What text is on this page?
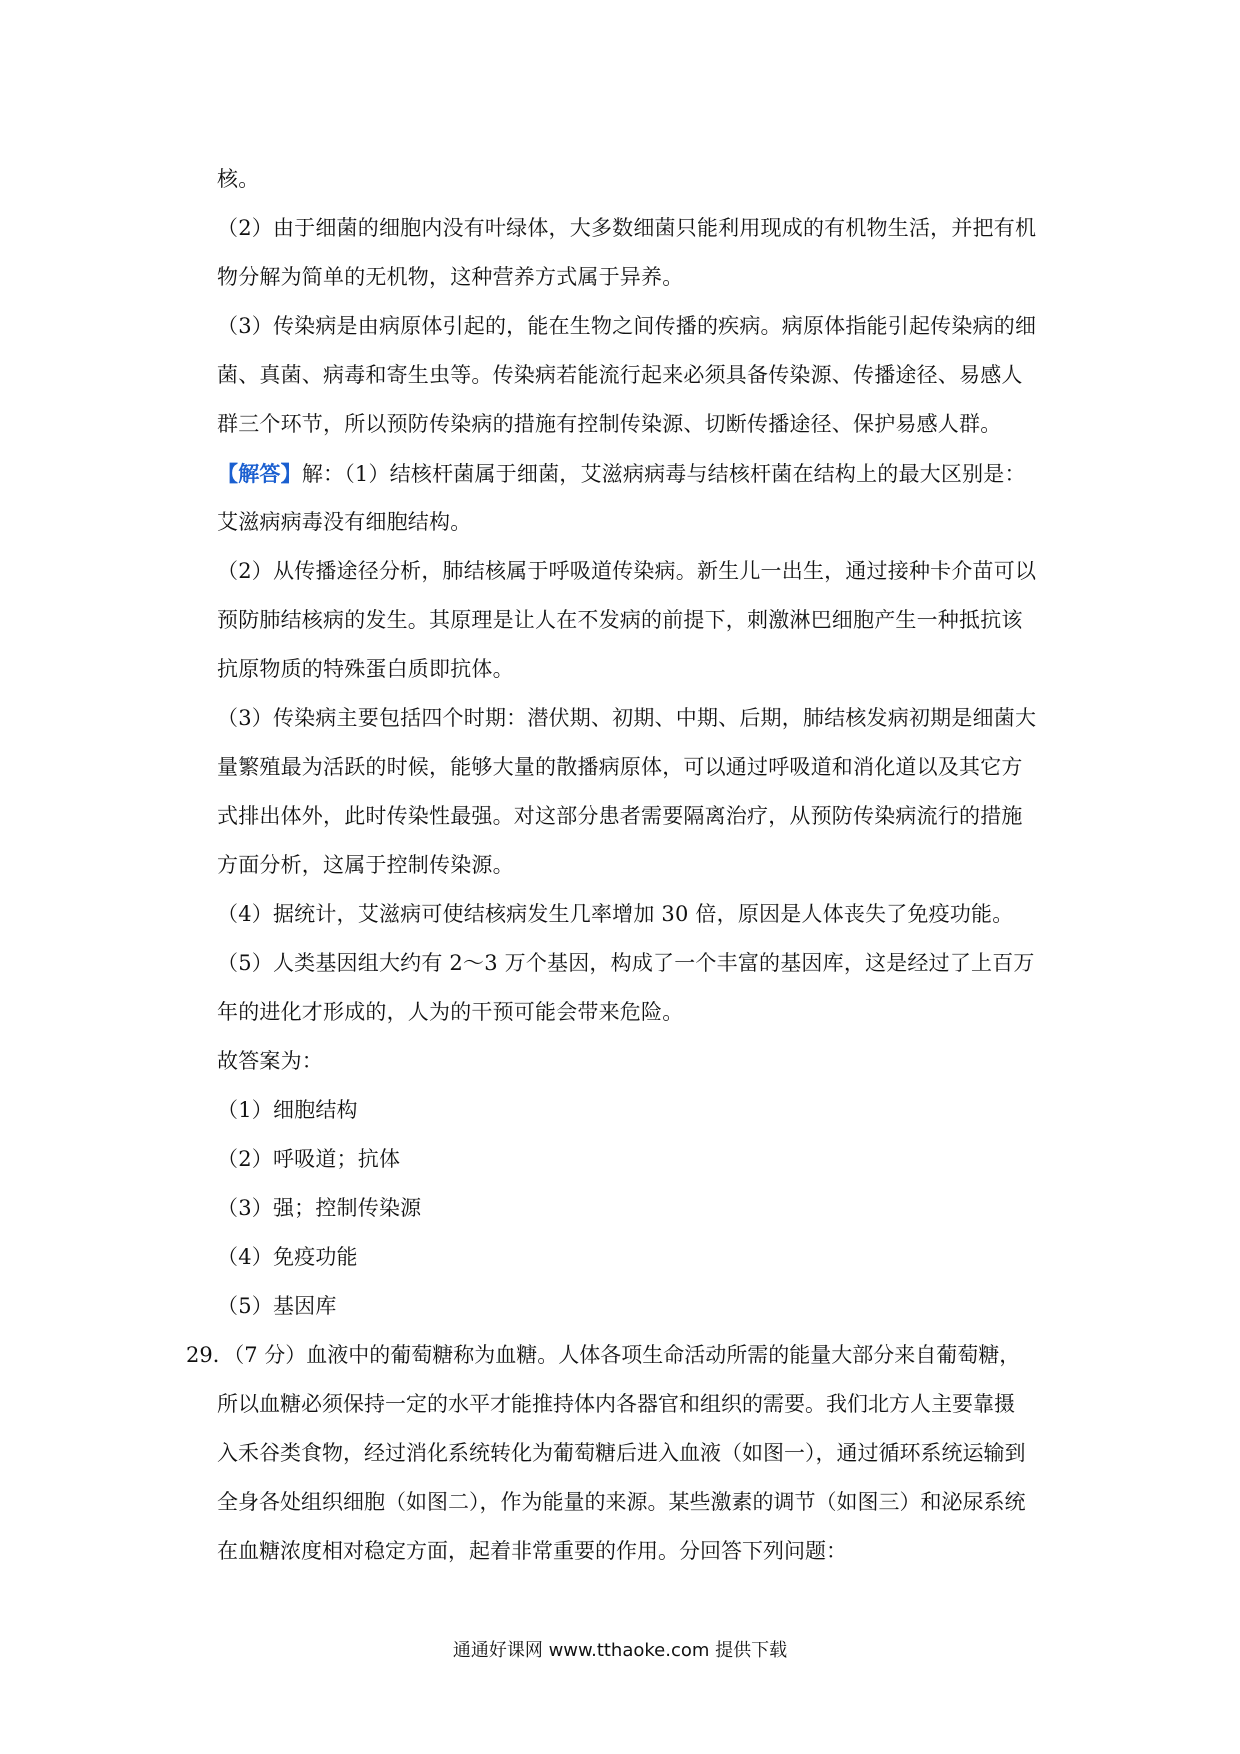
核。
（2）由于细菌的细胞内没有叶绿体，大多数细菌只能利用现成的有机物生活，并把有机
物分解为简单的无机物，这种营养方式属于异养。
（3）传染病是由病原体引起的，能在生物之间传播的疾病。病原体指能引起传染病的细
菌、真菌、病毒和寄生虫等。传染病若能流行起来必须具备传染源、传播途径、易感人
群三个环节，所以预防传染病的措施有控制传染源、切断传播途径、保护易感人群。
【解答】解：（1）结核杆菌属于细菌，艾滋病病毒与结核杆菌在结构上的最大区别是：
艾滋病病毒没有细胞结构。
（2）从传播途径分析，肺结核属于呼吸道传染病。新生儿一出生，通过接种卡介苗可以
预防肺结核病的发生。其原理是让人在不发病的前提下，刺激淋巴细胞产生一种抵抗该
抗原物质的特殊蛋白质即抗体。
（3）传染病主要包括四个时期：潜伏期、初期、中期、后期，肺结核发病初期是细菌大
量繁殖最为活跃的时候，能够大量的散播病原体，可以通过呼吸道和消化道以及其它方
式排出体外，此时传染性最强。对这部分患者需要隔离治疗，从预防传染病流行的措施
方面分析，这属于控制传染源。
（4）据统计，艾滋病可使结核病发生几率增加 30 倍，原因是人体丧失了免疫功能。
（5）人类基因组大约有 2～3 万个基因，构成了一个丰富的基因库，这是经过了上百万
年的进化才形成的，人为的干预可能会带来危险。
故答案为：
（1）细胞结构
（2）呼吸道；抗体
（3）强；控制传染源
（4）免疫功能
（5）基因库
29．（7 分）血液中的葡萄糖称为血糖。人体各项生命活动所需的能量大部分来自葡萄糖，
所以血糖必须保持一定的水平才能推持体内各器官和组织的需要。我们北方人主要靠摄
入禾谷类食物，经过消化系统转化为葡萄糖后进入血液（如图一），通过循环系统运输到
全身各处组织细胞（如图二），作为能量的来源。某些激素的调节（如图三）和泌尿系统
在血糖浓度相对稳定方面，起着非常重要的作用。分回答下列问题：
通通好课网 www.tthaoke.com 提供下载
